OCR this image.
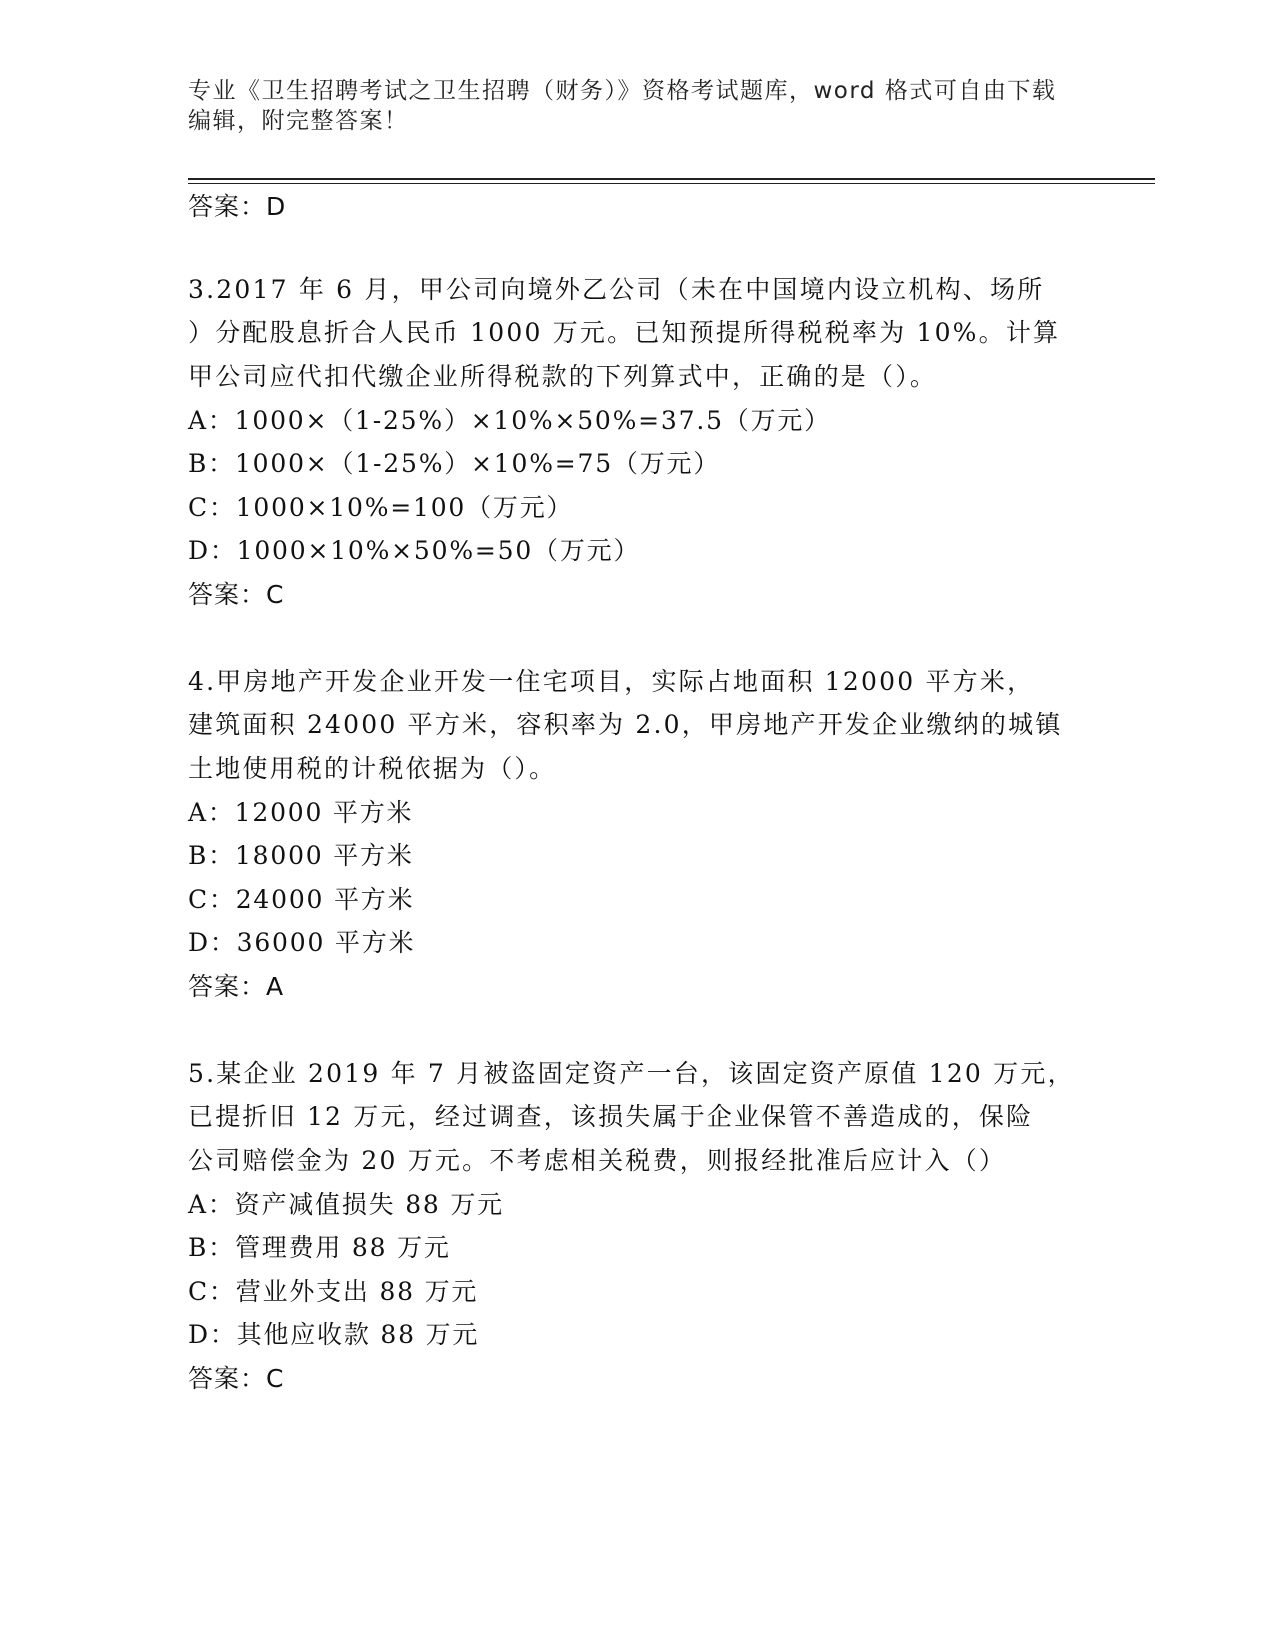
专业《卫生招聘考试之卫生招聘（财务）》资格考试题库，word 格式可自由下载编辑，附完整答案！
答案：D
3.2017 年 6 月，甲公司向境外乙公司（未在中国境内设立机构、场所
）分配股息折合人民币 1000 万元。已知预提所得税税率为 10%。计算
甲公司应代扣代缴企业所得税款的下列算式中，正确的是（）。
A：1000×（1-25%）×10%×50%=37.5（万元）
B：1000×（1-25%）×10%=75（万元）
C：1000×10%=100（万元）
D：1000×10%×50%=50（万元）
答案：C
4.甲房地产开发企业开发一住宅项目，实际占地面积 12000 平方米，
建筑面积 24000 平方米，容积率为 2.0，甲房地产开发企业缴纳的城镇
土地使用税的计税依据为（）。
A：12000 平方米
B：18000 平方米
C：24000 平方米
D：36000 平方米
答案：A
5.某企业 2019 年 7 月被盗固定资产一台，该固定资产原值 120 万元，
已提折旧 12 万元，经过调查，该损失属于企业保管不善造成的，保险
公司赔偿金为 20 万元。不考虑相关税费，则报经批准后应计入（）
A：资产减值损失 88 万元
B：管理费用 88 万元
C：营业外支出 88 万元
D：其他应收款 88 万元
答案：C
